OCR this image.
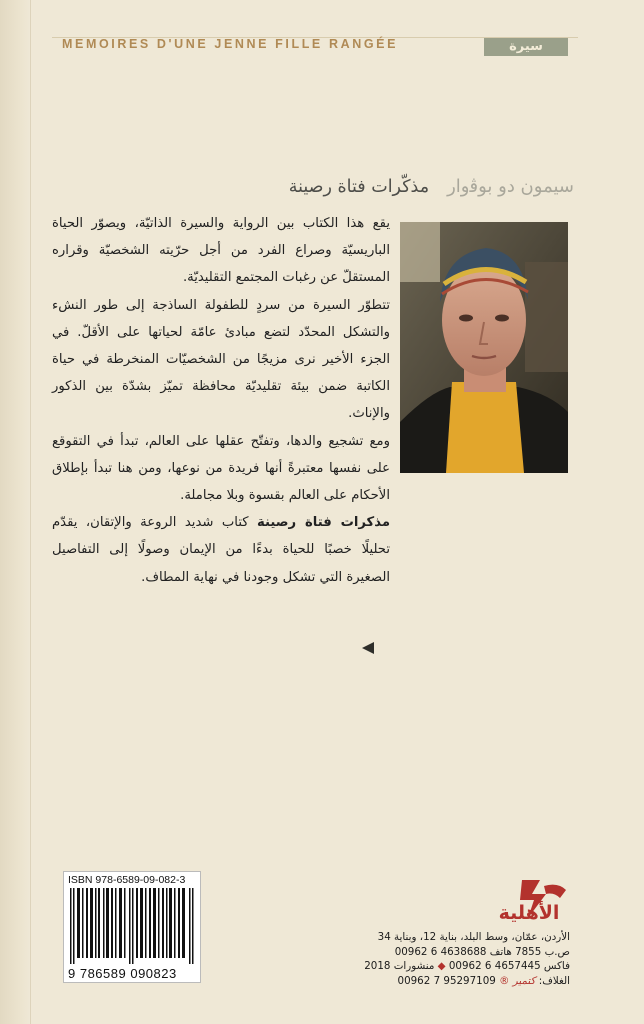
MEMOIRES D'UNE JENNE FILLE RANGÉE	سيرة
سيمون دو بوﭬوارمذكّرات فتاة رصينة

يقع هذا الكتاب بين الرواية والسيرة الذاتيّة، ويصوّر الحياة الباريسيّة وصراع الفرد من أجل حرّيته الشخصيّة وقراره المستقلّ عن رغبات المجتمع التقليديّة.

تتطوّر السيرة من سردٍ للطفولة الساذجة إلى طور النشء والتشكل المحدّد لتضع مبادئ عامّة لحياتها على الأقلّ. في الجزء الأخير نرى مزيجًا من الشخصيّات المنخرطة في حياة الكاتبة ضمن بيئة تقليديّة محافظة تميّز بشدّة بين الذكور والإناث.

ومع تشجيع والدها، وتفتّح عقلها على العالم، تبدأ في التقوقع على نفسها معتبرةً أنها فريدة من نوعها، ومن هنا تبدأ بإطلاق الأحكام على العالم بقسوة وبلا مجاملة.

مذكرات فتاة رصينة كتاب شديد الروعة والإتقان، يقدّم تحليلًا خصبًا للحياة بدءًا من الإيمان وصولًا إلى التفاصيل الصغيرة التي تشكل وجودنا في نهاية المطاف.

ISBN 978-6589-09-082-3
9 786589 090823
الأهلية
الأردن، عمّان، وسط البلد، بناية 12، وبناية 34
ص.ب 7855 هاتف 4638688 6 00962
فاكس 4657445 6 00962 ◆ منشورات 2018
الغلاف: ﮐﺘﻤﻴﺮ ® 95297109 7 00962
